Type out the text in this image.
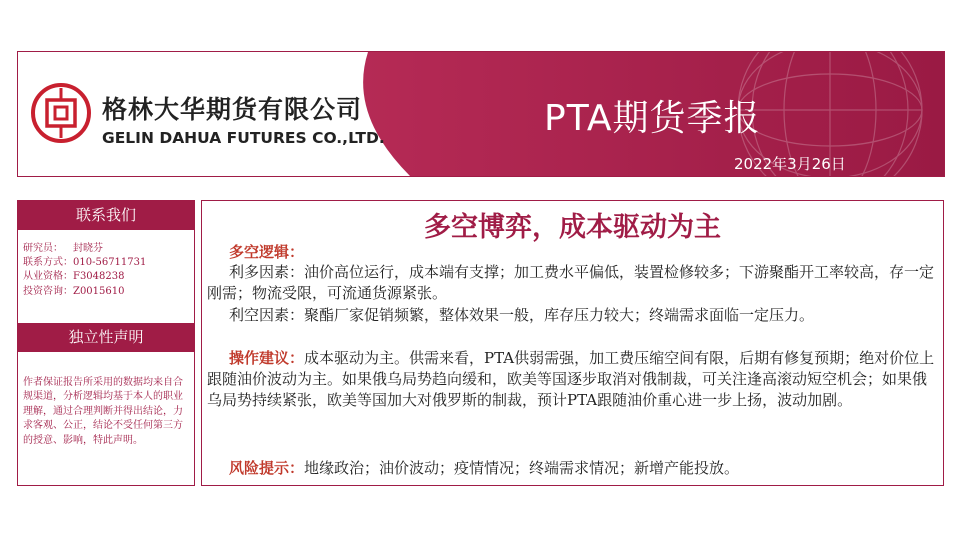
格林大华期货有限公司
GELIN DAHUA FUTURES CO.,LTD.	PTA期货季报
2022年3月26日
联系我们
研究员： 封晓芬
联系方式：010-56711731
从业资格：F3048238
投资咨询：Z0015610
独立性声明

作者保证报告所采用的数据均来自合规渠道，分析逻辑均基于本人的职业理解，通过合理判断并得出结论，力求客观、公正，结论不受任何第三方的授意、影响，特此声明。

多空博弈，成本驱动为主
多空逻辑：

利多因素：油价高位运行，成本端有支撑；加工费水平偏低，装置检修较多；下游聚酯开工率较高，存一定刚需；物流受限，可流通货源紧张。

利空因素：聚酯厂家促销频繁，整体效果一般，库存压力较大；终端需求面临一定压力。

操作建议：成本驱动为主。供需来看，PTA供弱需强，加工费压缩空间有限，后期有修复预期；绝对价位上跟随油价波动为主。如果俄乌局势趋向缓和，欧美等国逐步取消对俄制裁，可关注逢高滚动短空机会；如果俄乌局势持续紧张，欧美等国加大对俄罗斯的制裁，预计PTA跟随油价重心进一步上扬，波动加剧。

风险提示：地缘政治；油价波动；疫情情况；终端需求情况；新增产能投放。
